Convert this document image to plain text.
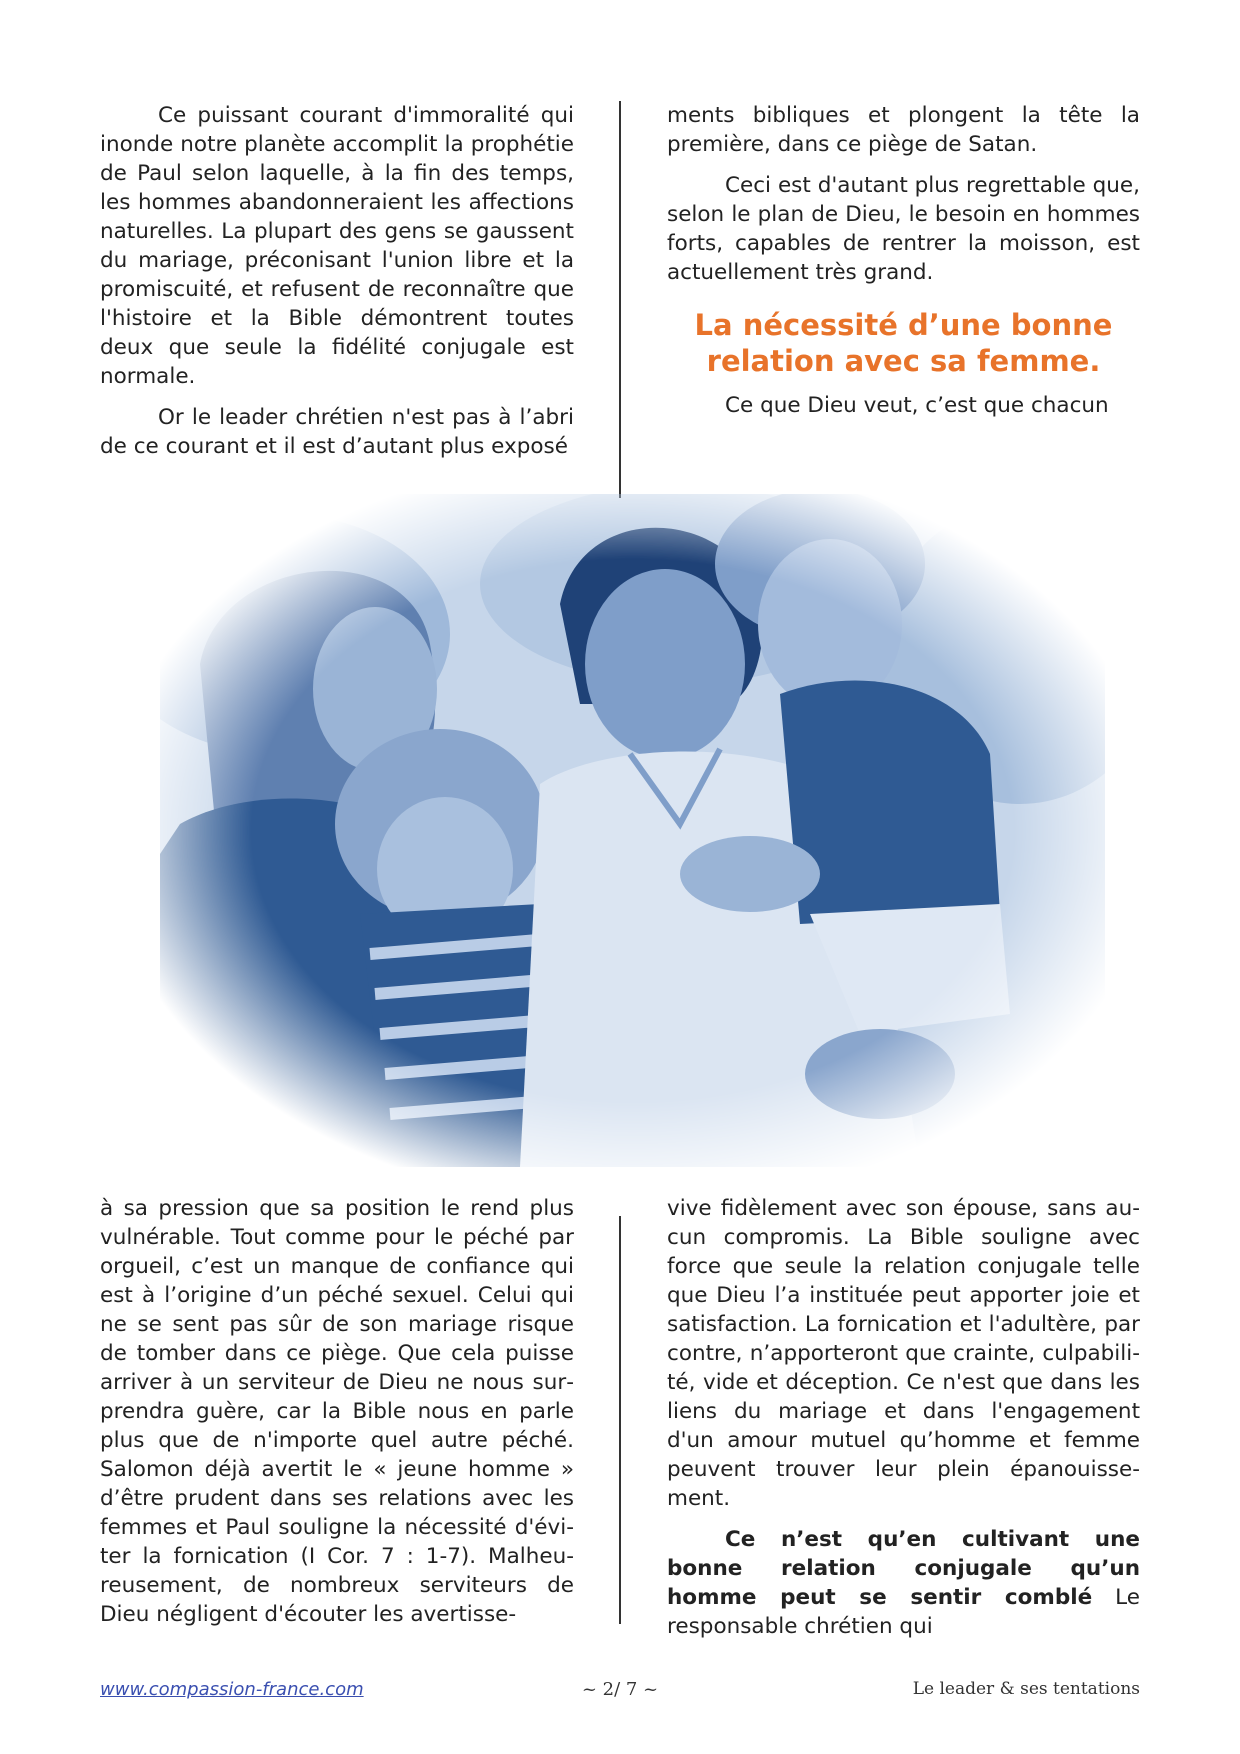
Ce puissant courant d'immoralité qui inonde notre planète accomplit la prophétie de Paul selon laquelle, à la fin des temps, les hommes abandonneraient les affections naturelles. La plupart des gens se gaussent du mariage, préconisant l'union libre et la promiscuité, et refusent de reconnaître que l'histoire et la Bible démontrent toutes deux que seule la fidélité conjugale est normale.

Or le leader chrétien n'est pas à l’abri de ce courant et il est d’autant plus exposé

ments bibliques et plongent la tête la première, dans ce piège de Satan.

Ceci est d'autant plus regrettable que, selon le plan de Dieu, le besoin en hommes forts, capables de rentrer la moisson, est actuellement très grand.

La nécessité d’une bonne
relation avec sa femme.

Ce que Dieu veut, c’est que chacun

à sa pression que sa position le rend plus vulnérable. Tout comme pour le péché par orgueil, c’est un manque de confiance qui est à l’origine d’un péché sexuel. Celui qui ne se sent pas sûr de son mariage risque de tomber dans ce piège. Que cela puisse arriver à un serviteur de Dieu ne nous surprendra guère, car la Bible nous en parle plus que de n'importe quel autre péché. Salomon déjà avertit le « jeune homme » d’être prudent dans ses relations avec les femmes et Paul souligne la nécessité d'éviter la fornication (I Cor. 7 : 1-7). Malheureusement, de nombreux serviteurs de Dieu négligent d'écouter les avertisse-

vive fidèlement avec son épouse, sans aucun compromis. La Bible souligne avec force que seule la relation conjugale telle que Dieu l’a instituée peut apporter joie et satisfaction. La fornication et l'adultère, par contre, n’apporteront que crainte, culpabilité, vide et déception. Ce n'est que dans les liens du mariage et dans l'engagement d'un amour mutuel qu’homme et femme peuvent trouver leur plein épanouissement.

Ce n’est qu’en cultivant une bonne relation conjugale qu’un homme peut se sentir comblé Le responsable chrétien qui

www.compassion-france.com	~ 2/ 7 ~	Le leader & ses tentations
